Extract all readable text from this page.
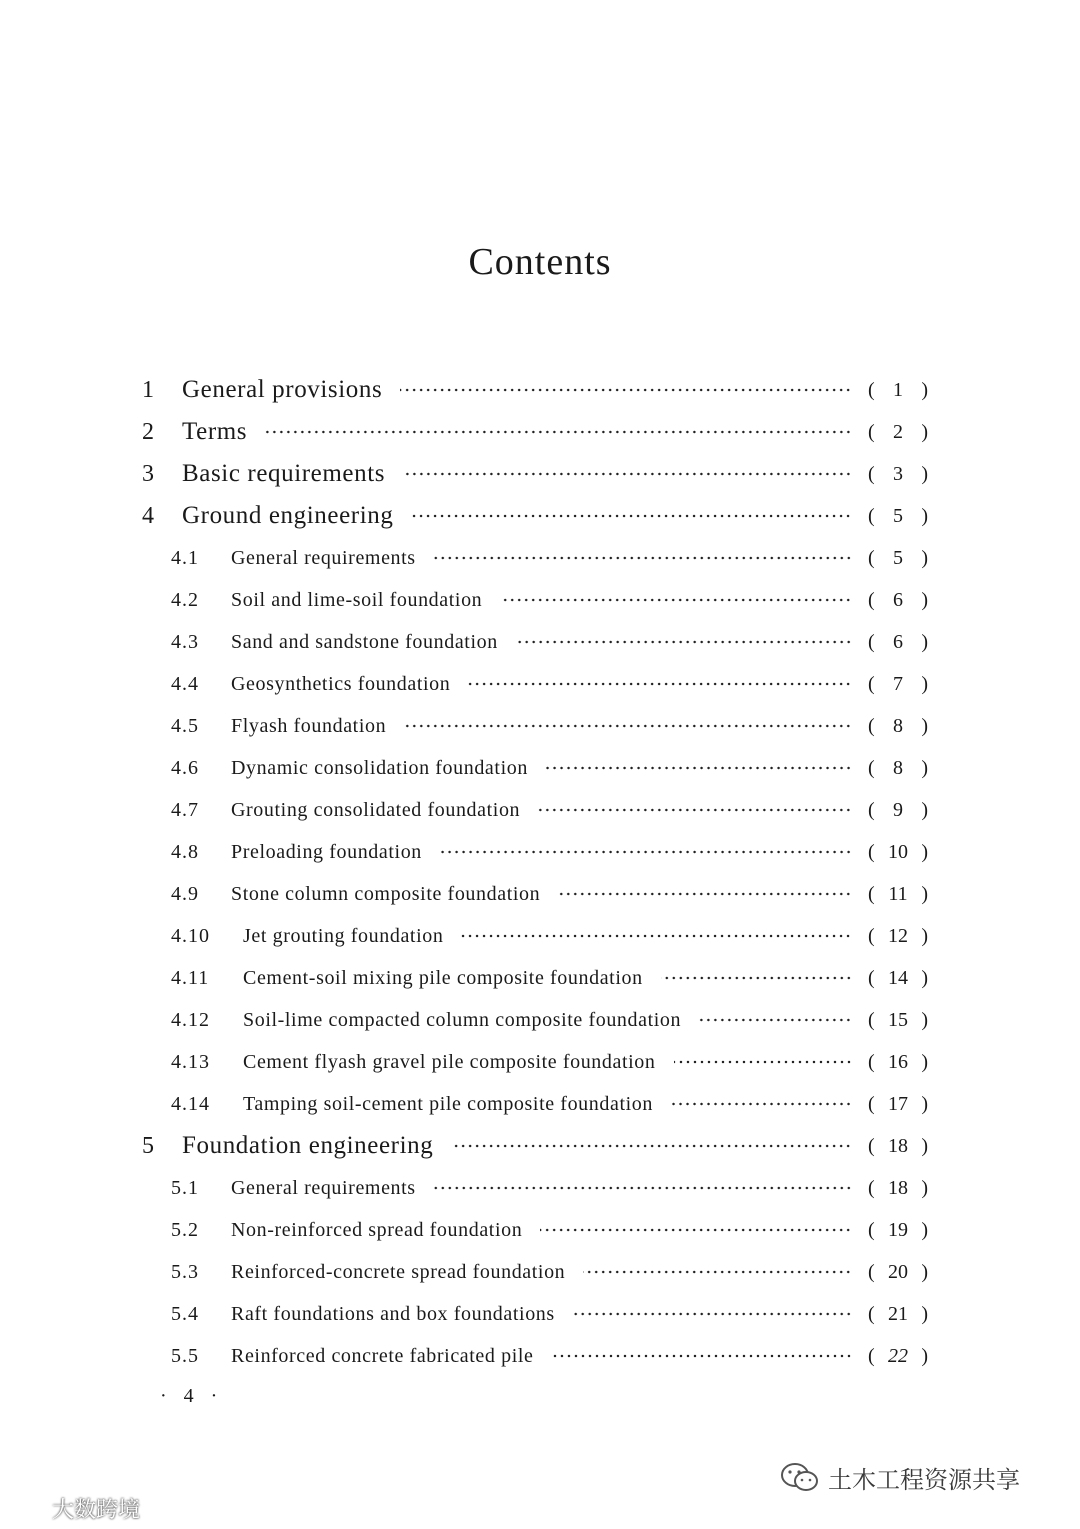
Contents
1	General provisions	( 1 )
2	Terms	( 2 )
3	Basic requirements	( 3 )
4	Ground engineering	( 5 )
4.1	General requirements	( 5 )
4.2	Soil and lime-soil foundation	( 6 )
4.3	Sand and sandstone foundation	( 6 )
4.4	Geosynthetics foundation	( 7 )
4.5	Flyash foundation	( 8 )
4.6	Dynamic consolidation foundation	( 8 )
4.7	Grouting consolidated foundation	( 9 )
4.8	Preloading foundation	( 10 )
4.9	Stone column composite foundation	( 11 )
4.10	Jet grouting foundation	( 12 )
4.11	Cement-soil mixing pile composite foundation	( 14 )
4.12	Soil-lime compacted column composite foundation	( 15 )
4.13	Cement flyash gravel pile composite foundation	( 16 )
4.14	Tamping soil-cement pile composite foundation	( 17 )
5	Foundation engineering	( 18 )
5.1	General requirements	( 18 )
5.2	Non-reinforced spread foundation	( 19 )
5.3	Reinforced-concrete spread foundation	( 20 )
5.4	Raft foundations and box foundations	( 21 )
5.5	Reinforced concrete fabricated pile	( 22 )
· 4 ·
土木工程资源共享
大数跨境
